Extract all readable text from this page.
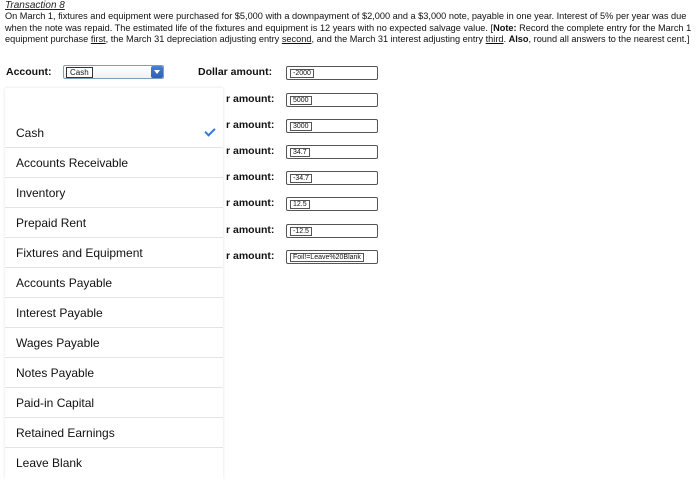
Transaction 8
On March 1, fixtures and equipment were purchased for $5,000 with a downpayment of $2,000 and a $3,000 note, payable in one year. Interest of 5% per year was due when the note was repaid. The estimated life of the fixtures and equipment is 12 years with no expected salvage value. [Note: Record the complete entry for the March 1 equipment purchase first, the March 31 depreciation adjusting entry second, and the March 31 interest adjusting entry third. Also, round all answers to the nearest cent.]
Account:	Cash	Dollar amount:	-2000
r amount:	5000
r amount:	3000
r amount:	34.7
r amount:	-34.7
r amount:	12.5
r amount:	-12.5
r amount:	Foil!=Leave%20Blank
Cash
Accounts Receivable
Inventory
Prepaid Rent
Fixtures and Equipment
Accounts Payable
Interest Payable
Wages Payable
Notes Payable
Paid-in Capital
Retained Earnings
Leave Blank
